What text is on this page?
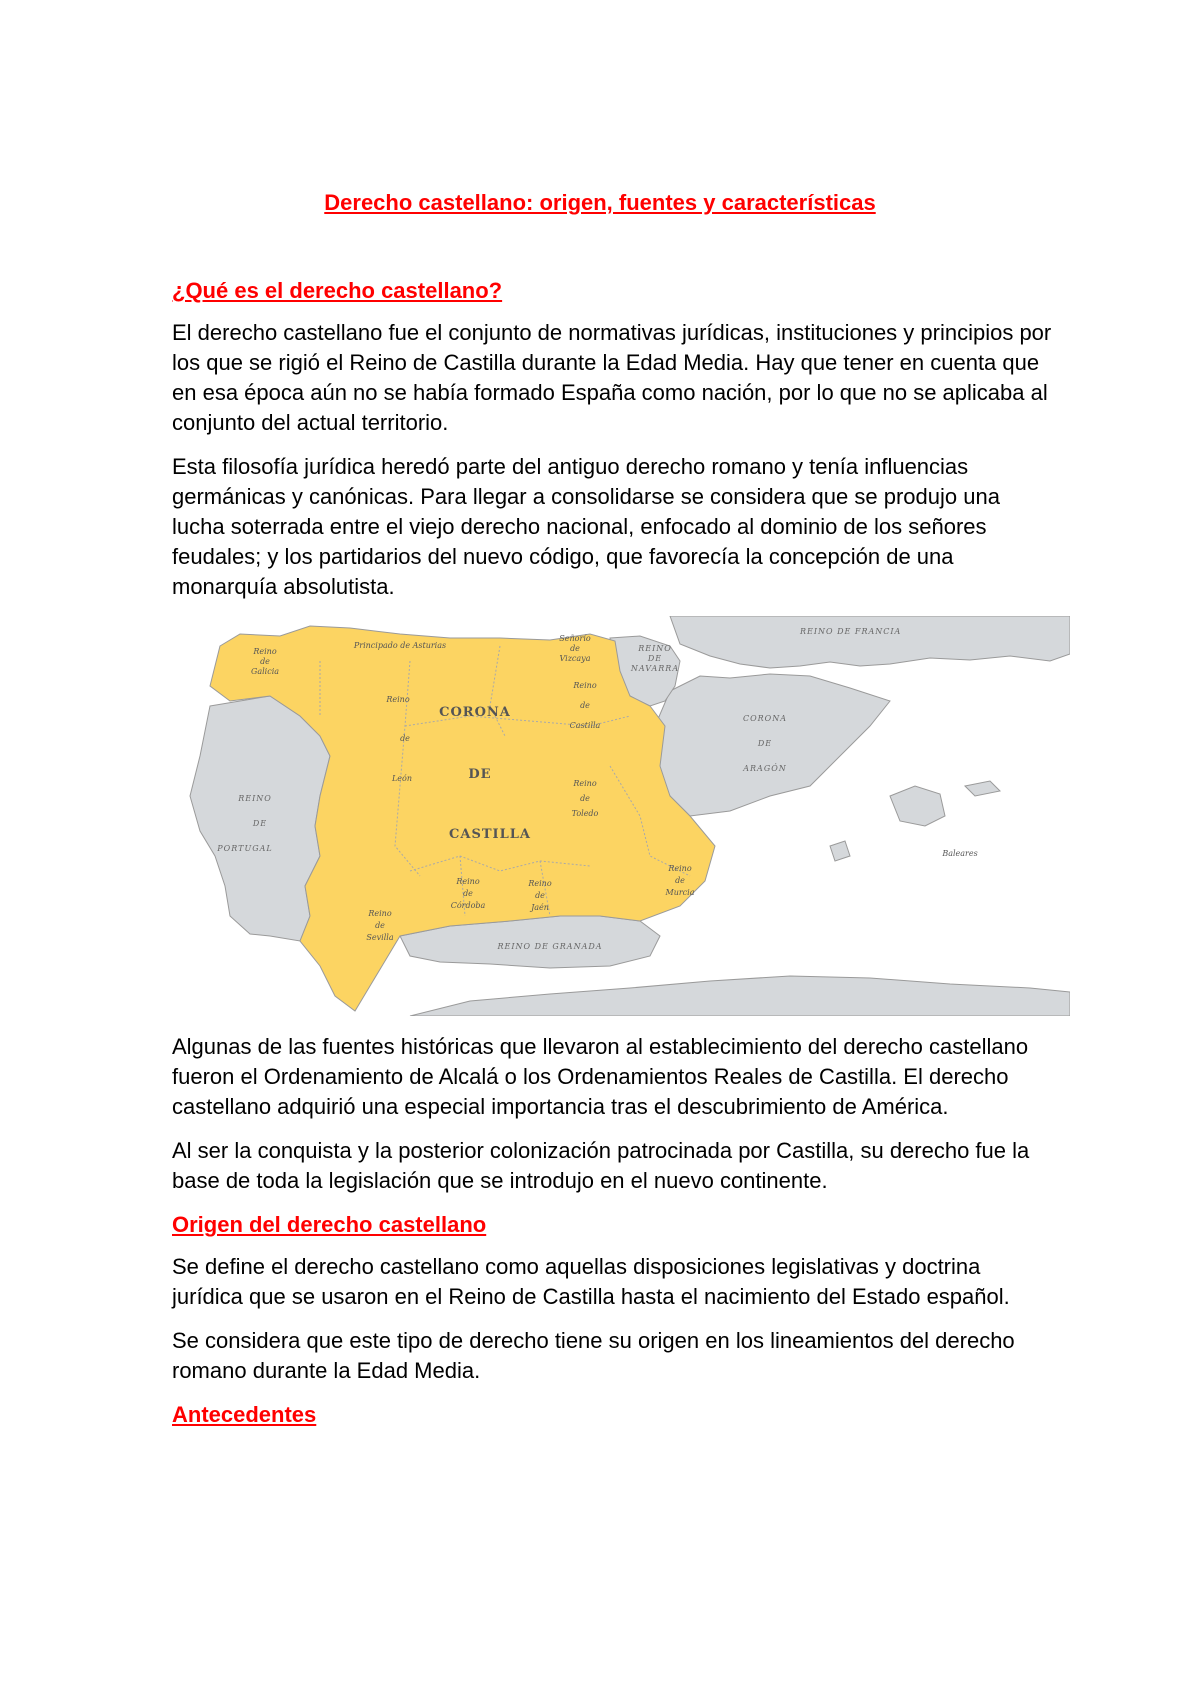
Derecho castellano: origen, fuentes y características
¿Qué es el derecho castellano?

El derecho castellano fue el conjunto de normativas jurídicas, instituciones y principios por los que se rigió el Reino de Castilla durante la Edad Media. Hay que tener en cuenta que en esa época aún no se había formado España como nación, por lo que no se aplicaba al conjunto del actual territorio.

Esta filosofía jurídica heredó parte del antiguo derecho romano y tenía influencias germánicas y canónicas. Para llegar a consolidarse se considera que se produjo una lucha soterrada entre el viejo derecho nacional, enfocado al dominio de los señores feudales; y los partidarios del nuevo código, que favorecía la concepción de una monarquía absolutista.

REINO DE FRANCIA
Reino
de
Galicia
Principado de Asturias
Señorío
de
Vizcaya
REINO
DE
NAVARRA
CORONA
DE
CASTILLA
Reino
de
Castilla
Reino
de
León
Reino
de
Toledo
CORONA
DE
ARAGÓN
REINO
DE
PORTUGAL
Baleares
Reino
de
Córdoba
Reino
de
Jaén
Reino
de
Murcia
Reino
de
Sevilla
REINO DE GRANADA

Algunas de las fuentes históricas que llevaron al establecimiento del derecho castellano fueron el Ordenamiento de Alcalá o los Ordenamientos Reales de Castilla. El derecho castellano adquirió una especial importancia tras el descubrimiento de América.

Al ser la conquista y la posterior colonización patrocinada por Castilla, su derecho fue la base de toda la legislación que se introdujo en el nuevo continente.

Origen del derecho castellano

Se define el derecho castellano como aquellas disposiciones legislativas y doctrina jurídica que se usaron en el Reino de Castilla hasta el nacimiento del Estado español.

Se considera que este tipo de derecho tiene su origen en los lineamientos del derecho romano durante la Edad Media.

Antecedentes
